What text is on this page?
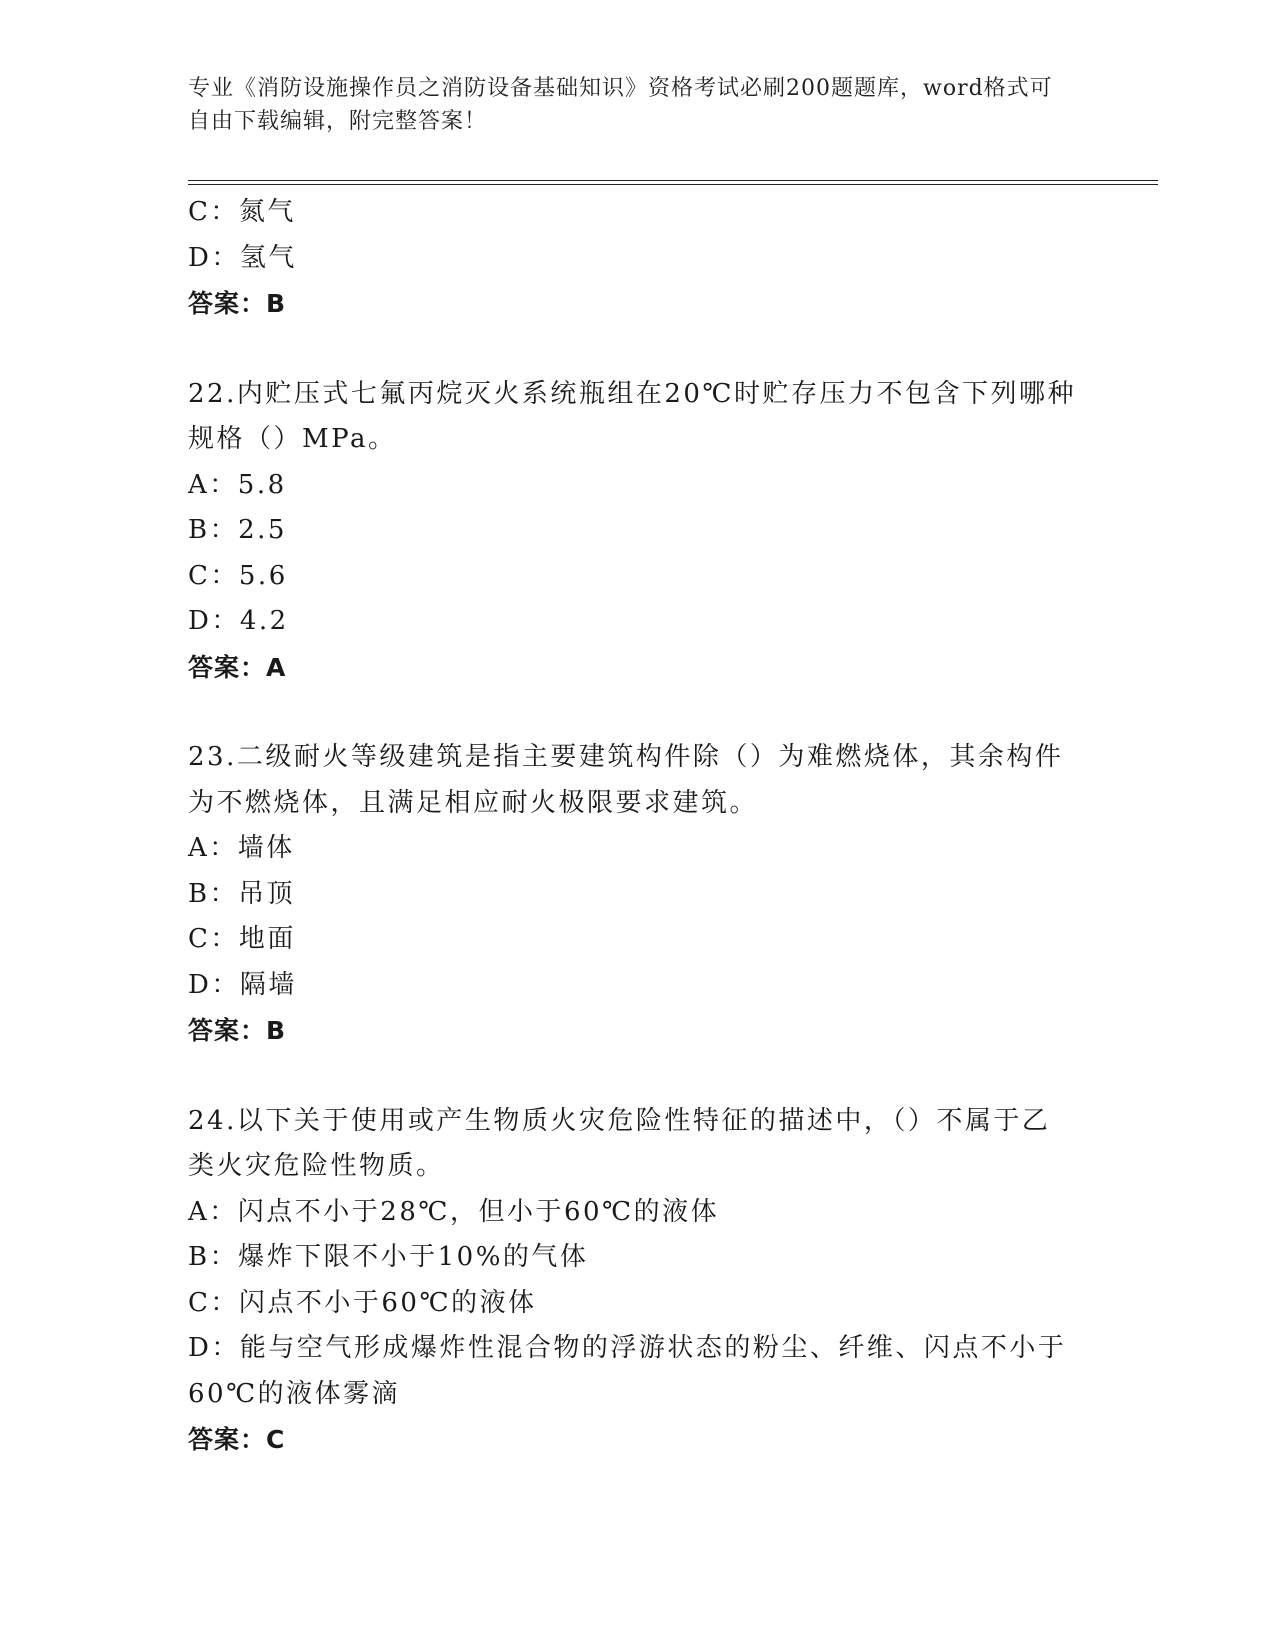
专业《消防设施操作员之消防设备基础知识》资格考试必刷200题题库，word格式可自由下载编辑，附完整答案！
C：氮气
D：氢气
答案：B
22.内贮压式七氟丙烷灭火系统瓶组在20℃时贮存压力不包含下列哪种
规格（）MPa。
A：5.8
B：2.5
C：5.6
D：4.2
答案：A
23.二级耐火等级建筑是指主要建筑构件除（）为难燃烧体，其余构件
为不燃烧体，且满足相应耐火极限要求建筑。
A：墙体
B：吊顶
C：地面
D：隔墙
答案：B
24.以下关于使用或产生物质火灾危险性特征的描述中，（）不属于乙
类火灾危险性物质。
A：闪点不小于28℃，但小于60℃的液体
B：爆炸下限不小于10%的气体
C：闪点不小于60℃的液体
D：能与空气形成爆炸性混合物的浮游状态的粉尘、纤维、闪点不小于
60℃的液体雾滴
答案：C
